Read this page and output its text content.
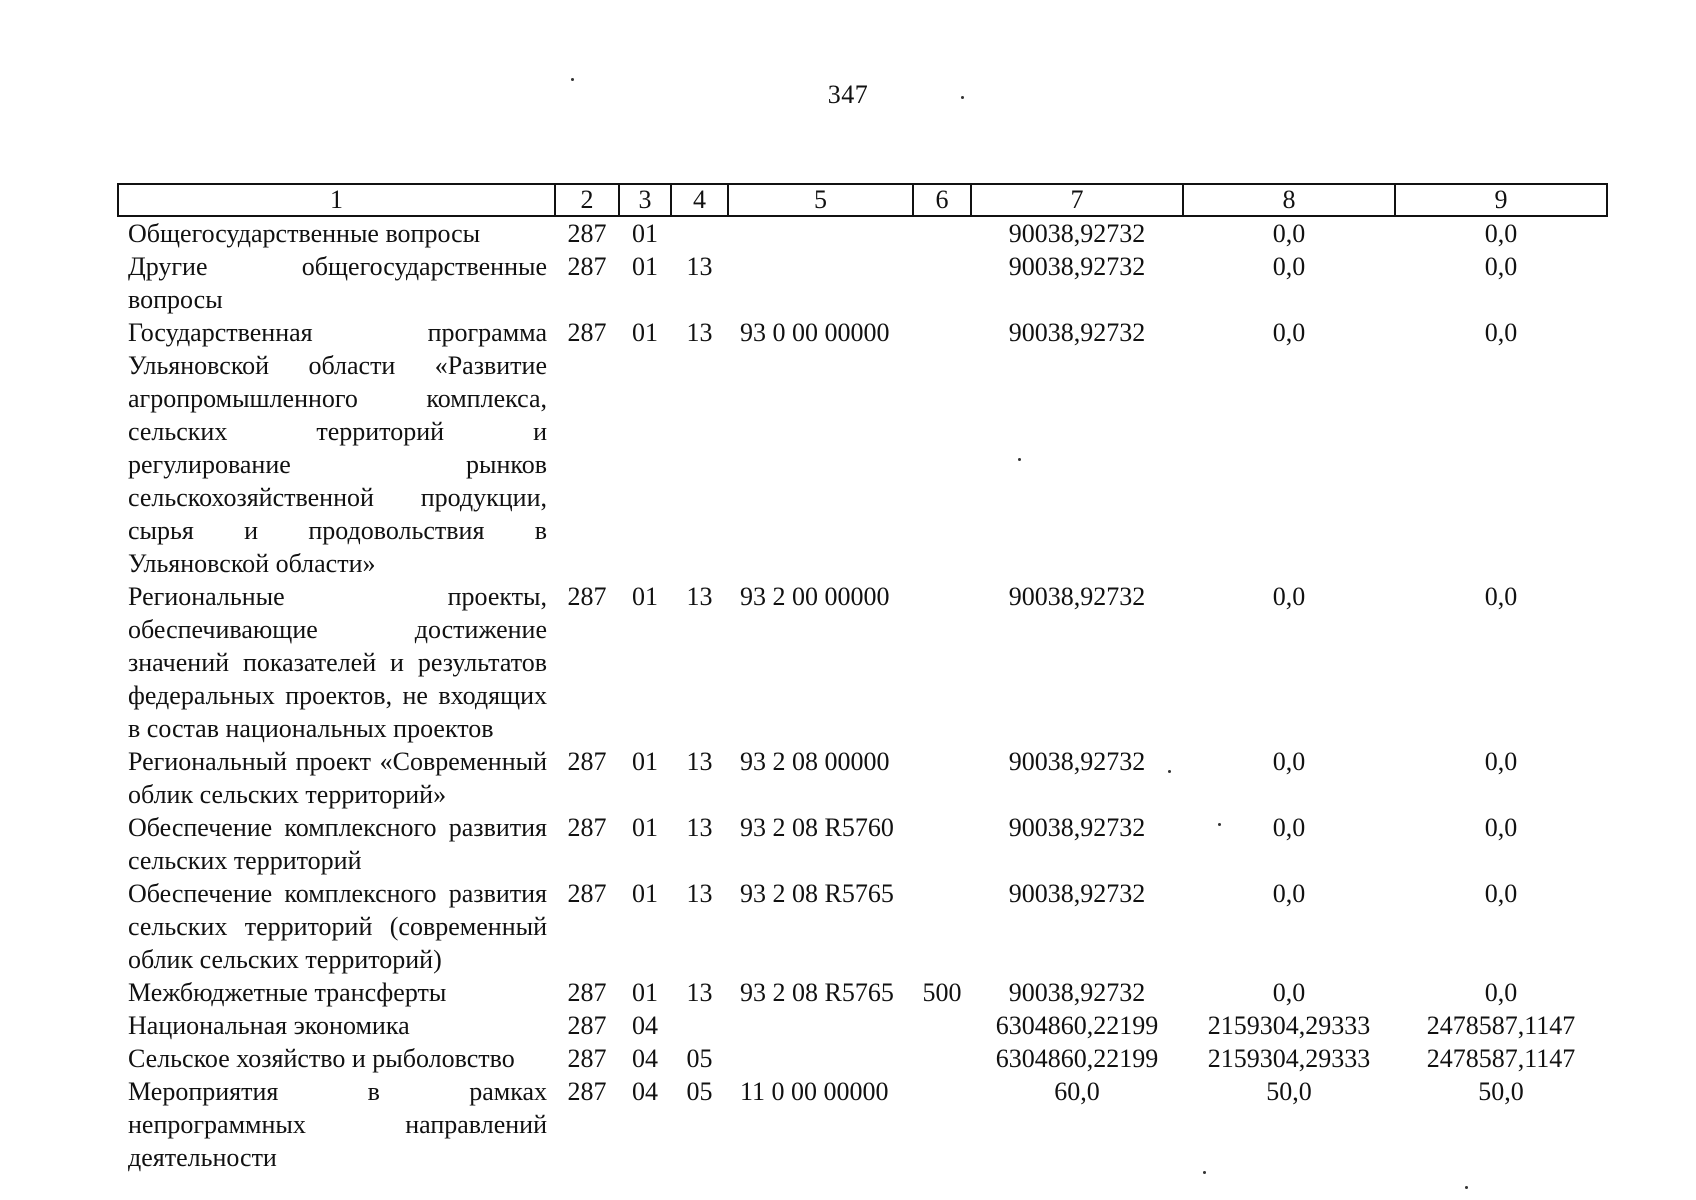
347
1	2	3	4	5	6	7	8	9
Общегосударственные вопросы	287	01				90038,92732	0,0	0,0
Другие общегосударственные вопросы	287	01	13			90038,92732	0,0	0,0
Государственная программа Ульяновской области «Развитие агропромышленного комплекса, сельских территорий и регулирование рынков сельскохозяйственной продукции, сырья и продовольствия в Ульяновской области»	287	01	13	93 0 00 00000		90038,92732	0,0	0,0
Региональные проекты, обеспечивающие достижение значений показателей и результатов федеральных проектов, не входящих в состав национальных проектов	287	01	13	93 2 00 00000		90038,92732	0,0	0,0
Региональный проект «Современный облик сельских территорий»	287	01	13	93 2 08 00000		90038,92732	0,0	0,0
Обеспечение комплексного развития сельских территорий	287	01	13	93 2 08 R5760		90038,92732	0,0	0,0
Обеспечение комплексного развития сельских территорий (современный облик сельских территорий)	287	01	13	93 2 08 R5765		90038,92732	0,0	0,0
Межбюджетные трансферты	287	01	13	93 2 08 R5765	500	90038,92732	0,0	0,0
Национальная экономика	287	04				6304860,22199	2159304,29333	2478587,1147
Сельское хозяйство и рыболовство	287	04	05			6304860,22199	2159304,29333	2478587,1147
Мероприятия в рамках непрограммных направлений деятельности	287	04	05	11 0 00 00000		60,0	50,0	50,0
